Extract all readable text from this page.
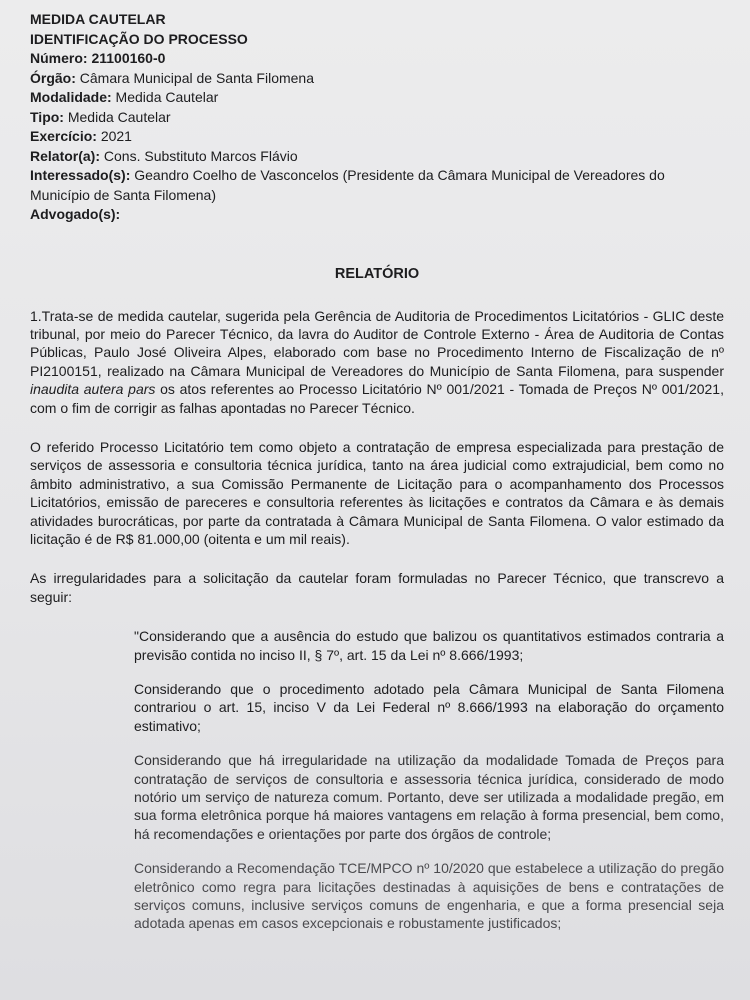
MEDIDA CAUTELAR

IDENTIFICAÇÃO DO PROCESSO

Número: 21100160-0

Órgão: Câmara Municipal de Santa Filomena

Modalidade: Medida Cautelar

Tipo: Medida Cautelar

Exercício: 2021

Relator(a): Cons. Substituto Marcos Flávio

Interessado(s): Geandro Coelho de Vasconcelos (Presidente da Câmara Municipal de Vereadores do Município de Santa Filomena)

Advogado(s):

RELATÓRIO

1.Trata-se de medida cautelar, sugerida pela Gerência de Auditoria de Procedimentos Licitatórios - GLIC deste tribunal, por meio do Parecer Técnico, da lavra do Auditor de Controle Externo - Área de Auditoria de Contas Públicas, Paulo José Oliveira Alpes, elaborado com base no Procedimento Interno de Fiscalização de nº PI2100151, realizado na Câmara Municipal de Vereadores do Município de Santa Filomena, para suspender inaudita autera pars os atos referentes ao Processo Licitatório Nº 001/2021 - Tomada de Preços Nº 001/2021, com o fim de corrigir as falhas apontadas no Parecer Técnico.

O referido Processo Licitatório tem como objeto a contratação de empresa especializada para prestação de serviços de assessoria e consultoria técnica jurídica, tanto na área judicial como extrajudicial, bem como no âmbito administrativo, a sua Comissão Permanente de Licitação para o acompanhamento dos Processos Licitatórios, emissão de pareceres e consultoria referentes às licitações e contratos da Câmara e às demais atividades burocráticas, por parte da contratada à Câmara Municipal de Santa Filomena. O valor estimado da licitação é de R$ 81.000,00 (oitenta e um mil reais).

As irregularidades para a solicitação da cautelar foram formuladas no Parecer Técnico, que transcrevo a seguir:

"Considerando que a ausência do estudo que balizou os quantitativos estimados contraria a previsão contida no inciso II, § 7º, art. 15 da Lei nº 8.666/1993;

Considerando que o procedimento adotado pela Câmara Municipal de Santa Filomena contrariou o art. 15, inciso V da Lei Federal nº 8.666/1993 na elaboração do orçamento estimativo;

Considerando que há irregularidade na utilização da modalidade Tomada de Preços para contratação de serviços de consultoria e assessoria técnica jurídica, considerado de modo notório um serviço de natureza comum. Portanto, deve ser utilizada a modalidade pregão, em sua forma eletrônica porque há maiores vantagens em relação à forma presencial, bem como, há recomendações e orientações por parte dos órgãos de controle;

Considerando a Recomendação TCE/MPCO nº 10/2020 que estabelece a utilização do pregão eletrônico como regra para licitações destinadas à aquisições de bens e contratações de serviços comuns, inclusive serviços comuns de engenharia, e que a forma presencial seja adotada apenas em casos excepcionais e robustamente justificados;
